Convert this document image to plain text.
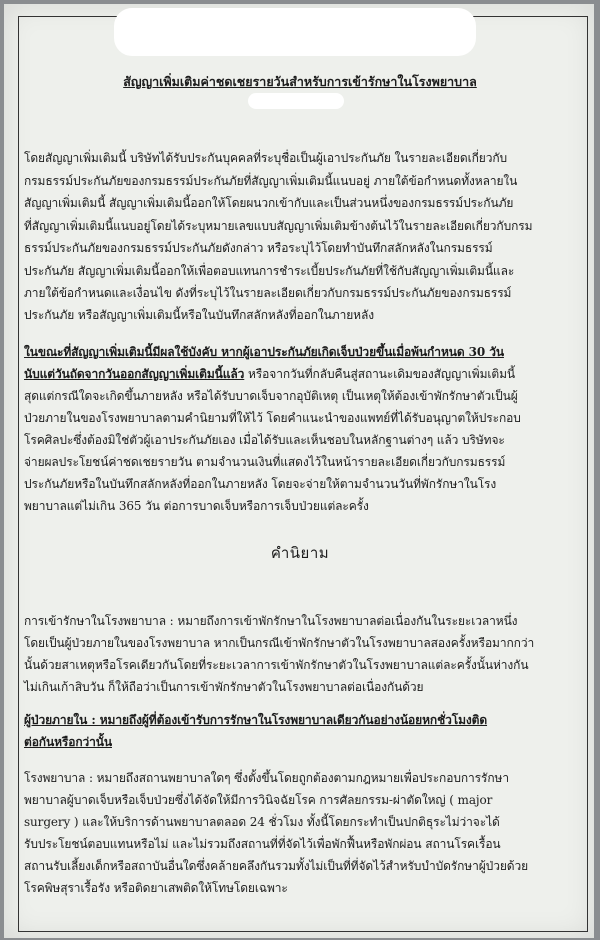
สัญญาเพิ่มเติมค่าชดเชยรายวันสำหรับการเข้ารักษาในโรงพยาบาล
โดยสัญญาเพิ่มเติมนี้ บริษัทได้รับประกันบุคคลที่ระบุชื่อเป็นผู้เอาประกันภัย ในรายละเอียดเกี่ยวกับ
กรมธรรม์ประกันภัยของกรมธรรม์ประกันภัยที่สัญญาเพิ่มเติมนี้แนบอยู่ ภายใต้ข้อกำหนดทั้งหลายใน
สัญญาเพิ่มเติมนี้ สัญญาเพิ่มเติมนี้ออกให้โดยผนวกเข้ากับและเป็นส่วนหนึ่งของกรมธรรม์ประกันภัย
ที่สัญญาเพิ่มเติมนี้แนบอยู่โดยได้ระบุหมายเลขแบบสัญญาเพิ่มเติมข้างต้นไว้ในรายละเอียดเกี่ยวกับกรม
ธรรม์ประกันภัยของกรมธรรม์ประกันภัยดังกล่าว หรือระบุไว้โดยทำบันทึกสลักหลังในกรมธรรม์
ประกันภัย สัญญาเพิ่มเติมนี้ออกให้เพื่อตอบแทนการชำระเบี้ยประกันภัยที่ใช้กับสัญญาเพิ่มเติมนี้และ
ภายใต้ข้อกำหนดและเงื่อนไข ดังที่ระบุไว้ในรายละเอียดเกี่ยวกับกรมธรรม์ประกันภัยของกรมธรรม์
ประกันภัย หรือสัญญาเพิ่มเติมนี้หรือในบันทึกสลักหลังที่ออกในภายหลัง
ในขณะที่สัญญาเพิ่มเติมนี้มีผลใช้บังคับ หากผู้เอาประกันภัยเกิดเจ็บป่วยขึ้นเมื่อพ้นกำหนด 30 วัน
นับแต่วันถัดจากวันออกสัญญาเพิ่มเติมนี้แล้ว หรือจากวันที่กลับคืนสู่สถานะเดิมของสัญญาเพิ่มเติมนี้
สุดแต่กรณีใดจะเกิดขึ้นภายหลัง หรือได้รับบาดเจ็บจากอุบัติเหตุ เป็นเหตุให้ต้องเข้าพักรักษาตัวเป็นผู้
ป่วยภายในของโรงพยาบาลตามคำนิยามที่ให้ไว้ โดยคำแนะนำของแพทย์ที่ได้รับอนุญาตให้ประกอบ
โรคศิลปะซึ่งต้องมิใช่ตัวผู้เอาประกันภัยเอง เมื่อได้รับและเห็นชอบในหลักฐานต่างๆ แล้ว บริษัทจะ
จ่ายผลประโยชน์ค่าชดเชยรายวัน ตามจำนวนเงินที่แสดงไว้ในหน้ารายละเอียดเกี่ยวกับกรมธรรม์
ประกันภัยหรือในบันทึกสลักหลังที่ออกในภายหลัง โดยจะจ่ายให้ตามจำนวนวันที่พักรักษาในโรง
พยาบาลแต่ไม่เกิน 365 วัน ต่อการบาดเจ็บหรือการเจ็บป่วยแต่ละครั้ง
คำนิยาม
การเข้ารักษาในโรงพยาบาล : หมายถึงการเข้าพักรักษาในโรงพยาบาลต่อเนื่องกันในระยะเวลาหนึ่ง
โดยเป็นผู้ป่วยภายในของโรงพยาบาล หากเป็นกรณีเข้าพักรักษาตัวในโรงพยาบาลสองครั้งหรือมากกว่า
นั้นด้วยสาเหตุหรือโรคเดียวกันโดยที่ระยะเวลาการเข้าพักรักษาตัวในโรงพยาบาลแต่ละครั้งนั้นห่างกัน
ไม่เกินเก้าสิบวัน ก็ให้ถือว่าเป็นการเข้าพักรักษาตัวในโรงพยาบาลต่อเนื่องกันด้วย
ผู้ป่วยภายใน : หมายถึงผู้ที่ต้องเข้ารับการรักษาในโรงพยาบาลเดียวกันอย่างน้อยหกชั่วโมงติด
ต่อกันหรือกว่านั้น
โรงพยาบาล : หมายถึงสถานพยาบาลใดๆ ซึ่งตั้งขึ้นโดยถูกต้องตามกฎหมายเพื่อประกอบการรักษา
พยาบาลผู้บาดเจ็บหรือเจ็บป่วยซึ่งได้จัดให้มีการวินิจฉัยโรค การศัลยกรรม-ผ่าตัดใหญ่ ( major
surgery ) และให้บริการด้านพยาบาลตลอด 24 ชั่วโมง ทั้งนี้โดยกระทำเป็นปกติธุระไม่ว่าจะได้
รับประโยชน์ตอบแทนหรือไม่ และไม่รวมถึงสถานที่ที่จัดไว้เพื่อพักฟื้นหรือพักผ่อน สถานโรคเรื้อน
สถานรับเลี้ยงเด็กหรือสถาบันอื่นใดซึ่งคล้ายคลึงกันรวมทั้งไม่เป็นที่ที่จัดไว้สำหรับบำบัดรักษาผู้ป่วยด้วย
โรคพิษสุราเรื้อรัง หรือติดยาเสพติดให้โทษโดยเฉพาะ
